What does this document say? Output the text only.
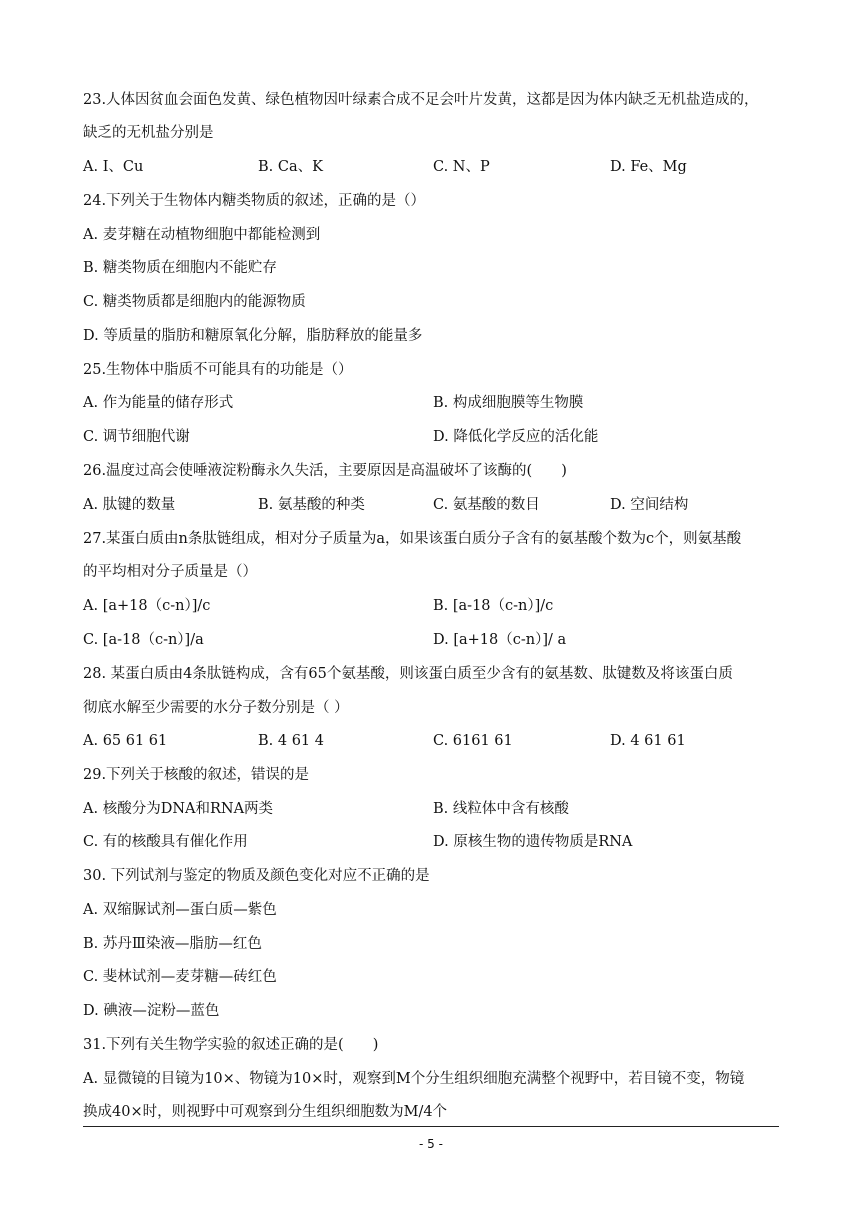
23.人体因贫血会面色发黄、绿色植物因叶绿素合成不足会叶片发黄，这都是因为体内缺乏无机盐造成的，
缺乏的无机盐分别是
A. I、Cu	B. Ca、K	C. N、P	D. Fe、Mg
24.下列关于生物体内糖类物质的叙述，正确的是（）
A. 麦芽糖在动植物细胞中都能检测到
B. 糖类物质在细胞内不能贮存
C. 糖类物质都是细胞内的能源物质
D. 等质量的脂肪和糖原氧化分解，脂肪释放的能量多
25.生物体中脂质不可能具有的功能是（）
A. 作为能量的储存形式	B. 构成细胞膜等生物膜
C. 调节细胞代谢	D. 降低化学反应的活化能
26.温度过高会使唾液淀粉酶永久失活，主要原因是高温破坏了该酶的(　　)
A. 肽键的数量	B. 氨基酸的种类	C. 氨基酸的数目	D. 空间结构
27.某蛋白质由n条肽链组成，相对分子质量为a，如果该蛋白质分子含有的氨基酸个数为c个，则氨基酸
的平均相对分子质量是（）
A. [a+18（c-n）]/c	B. [a-18（c-n）]/c
C. [a-18（c-n）]/a	D. [a+18（c-n）]/ a
28. 某蛋白质由4条肽链构成，含有65个氨基酸，则该蛋白质至少含有的氨基数、肽键数及将该蛋白质
彻底水解至少需要的水分子数分别是（ ）
A. 65 61 61	B. 4 61 4	C. 6161 61	D. 4 61 61
29.下列关于核酸的叙述，错误的是
A. 核酸分为DNA和RNA两类	B. 线粒体中含有核酸
C. 有的核酸具有催化作用	D. 原核生物的遗传物质是RNA
30. 下列试剂与鉴定的物质及颜色变化对应不正确的是
A. 双缩脲试剂—蛋白质—紫色
B. 苏丹Ⅲ染液—脂肪—红色
C. 斐林试剂—麦芽糖—砖红色
D. 碘液—淀粉—蓝色
31.下列有关生物学实验的叙述正确的是(　　)
A. 显微镜的目镜为10×、物镜为10×时，观察到M个分生组织细胞充满整个视野中，若目镜不变，物镜
换成40×时，则视野中可观察到分生组织细胞数为M/4个
- 5 -
